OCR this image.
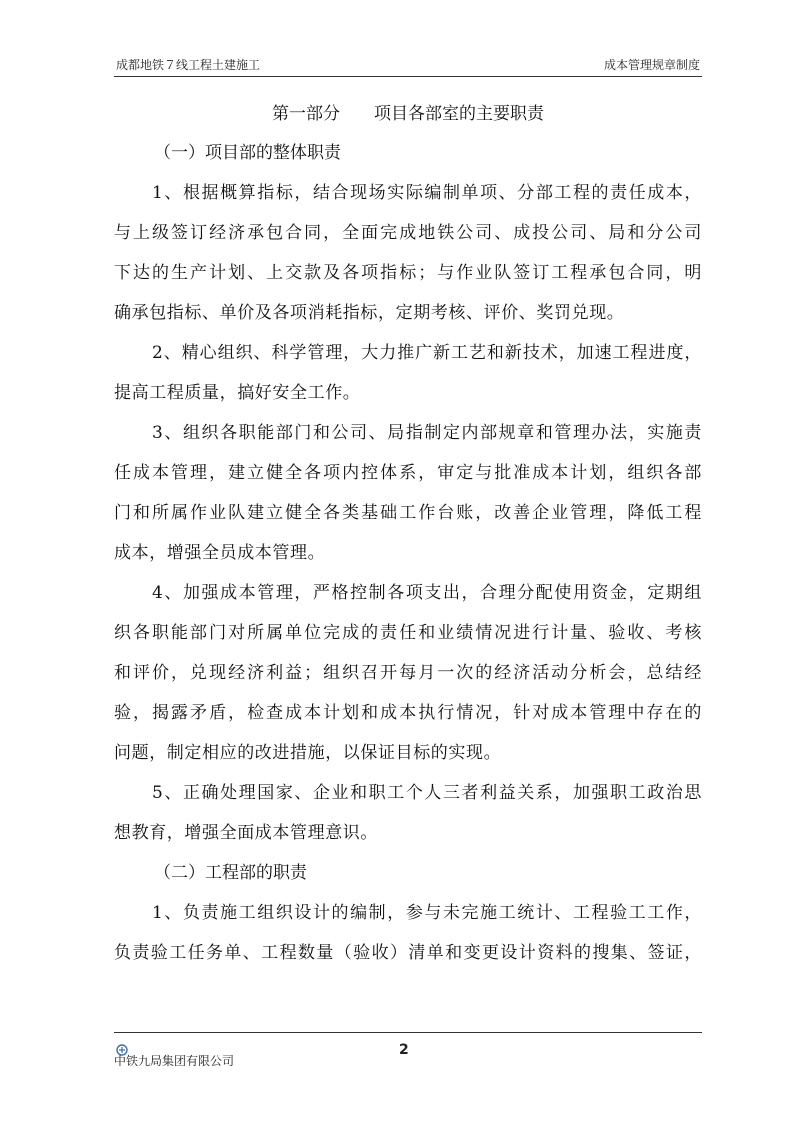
成都地铁７线工程土建施工	成本管理规章制度
第一部分　　项目各部室的主要职责
（一）项目部的整体职责

1、根据概算指标，结合现场实际编制单项、分部工程的责任成本，

与上级签订经济承包合同，全面完成地铁公司、成投公司、局和分公司

下达的生产计划、上交款及各项指标；与作业队签订工程承包合同，明

确承包指标、单价及各项消耗指标，定期考核、评价、奖罚兑现。

2、精心组织、科学管理，大力推广新工艺和新技术，加速工程进度，

提高工程质量，搞好安全工作。

3、组织各职能部门和公司、局指制定内部规章和管理办法，实施责

任成本管理，建立健全各项内控体系，审定与批准成本计划，组织各部

门和所属作业队建立健全各类基础工作台账，改善企业管理，降低工程

成本，增强全员成本管理。

4、加强成本管理，严格控制各项支出，合理分配使用资金，定期组

织各职能部门对所属单位完成的责任和业绩情况进行计量、验收、考核

和评价，兑现经济利益；组织召开每月一次的经济活动分析会，总结经

验，揭露矛盾，检查成本计划和成本执行情况，针对成本管理中存在的

问题，制定相应的改进措施，以保证目标的实现。

5、正确处理国家、企业和职工个人三者利益关系，加强职工政治思

想教育，增强全面成本管理意识。

（二）工程部的职责

1、负责施工组织设计的编制，参与未完施工统计、工程验工工作，

负责验工任务单、工程数量（验收）清单和变更设计资料的搜集、签证，

中铁九局集团有限公司
2
